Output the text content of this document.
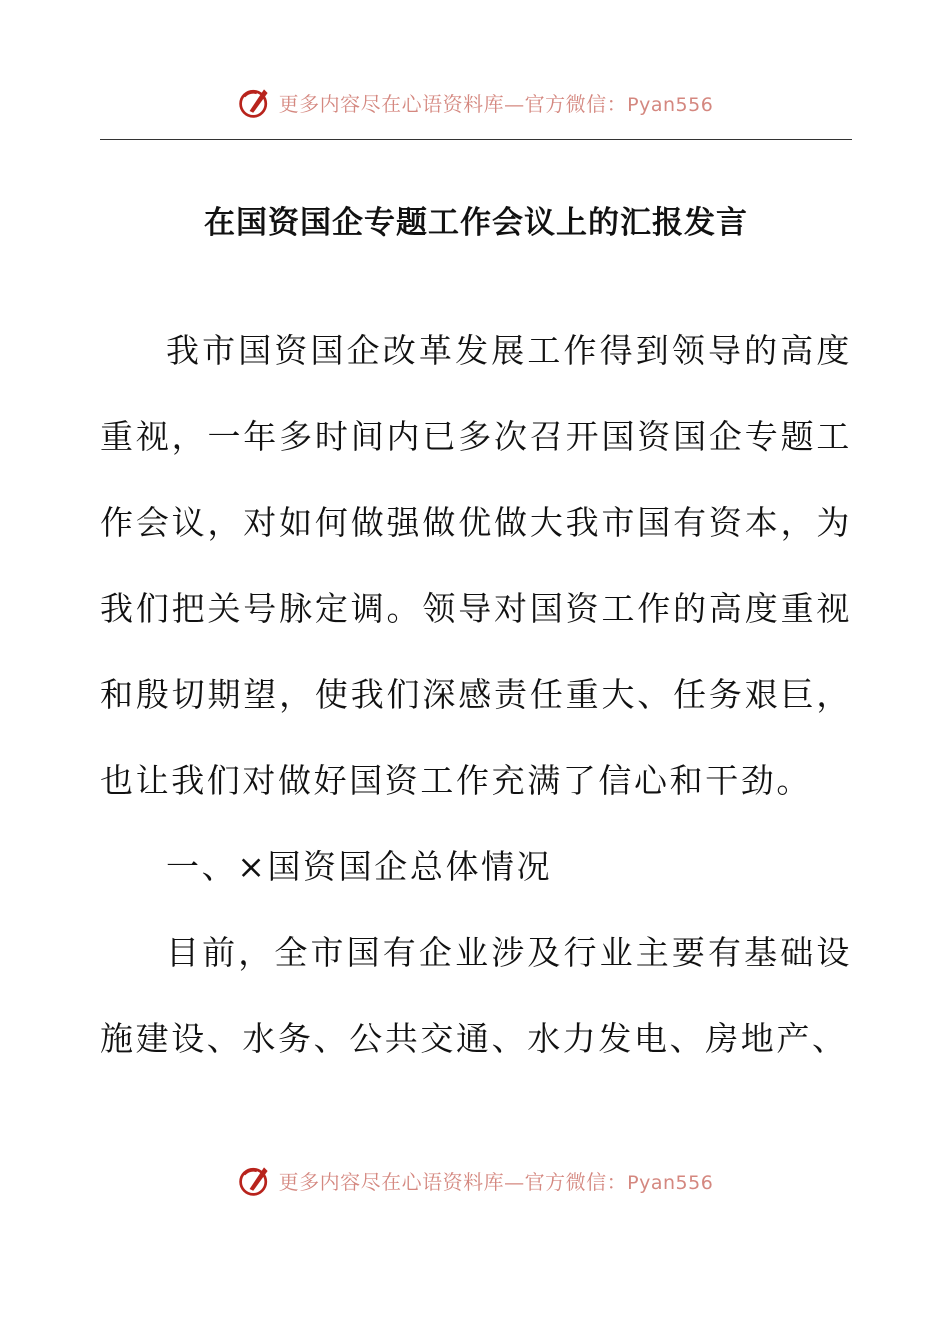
更多内容尽在心语资料库—官方微信：Pyan556
在国资国企专题工作会议上的汇报发言

我市国资国企改革发展工作得到领导的高度重视，一年多时间内已多次召开国资国企专题工作会议，对如何做强做优做大我市国有资本，为我们把关号脉定调。领导对国资工作的高度重视和殷切期望，使我们深感责任重大、任务艰巨，也让我们对做好国资工作充满了信心和干劲。

一、×国资国企总体情况

目前，全市国有企业涉及行业主要有基础设施建设、水务、公共交通、水力发电、房地产、

更多内容尽在心语资料库—官方微信：Pyan556
